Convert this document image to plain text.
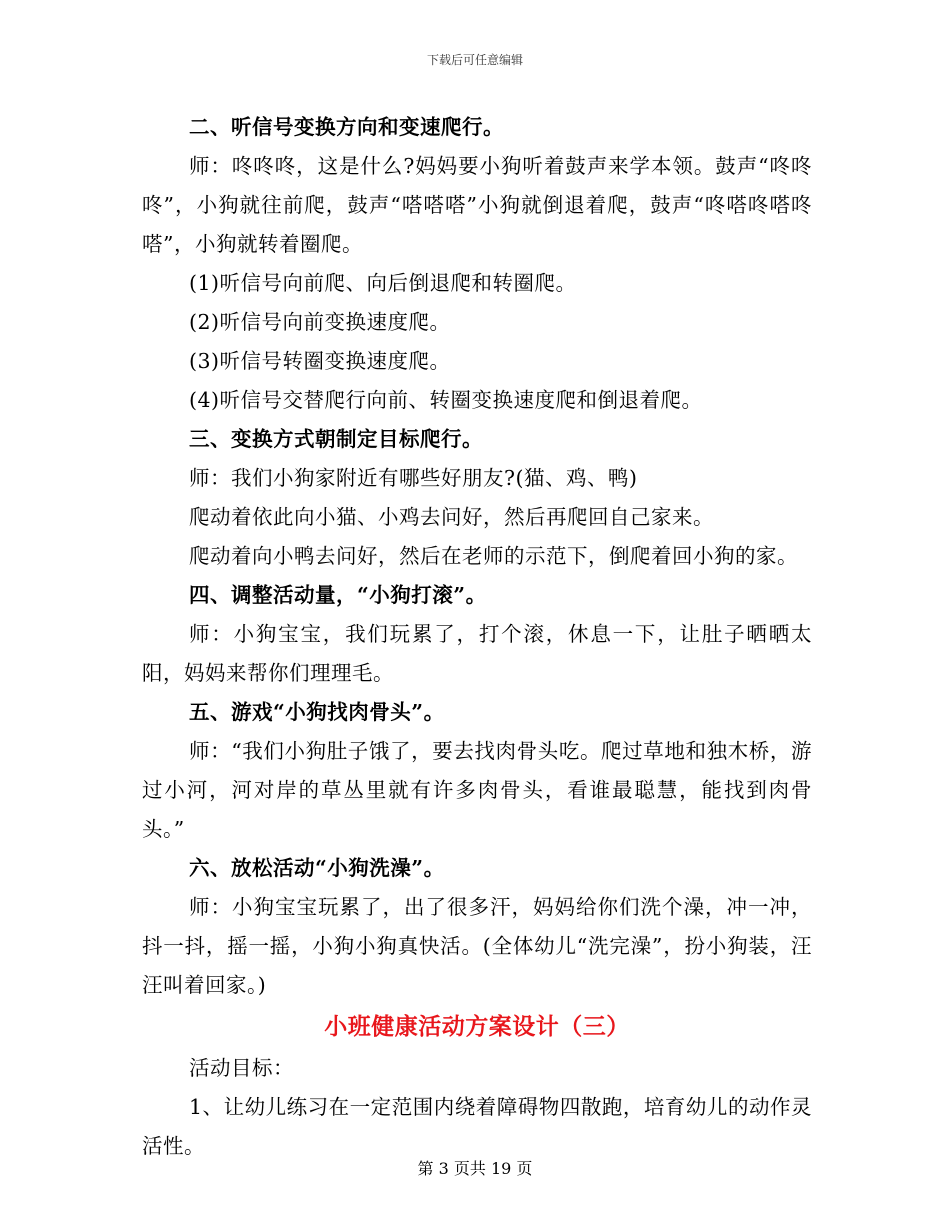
下载后可任意编辑

二、听信号变换方向和变速爬行。

师：咚咚咚，这是什么?妈妈要小狗听着鼓声来学本领。鼓声“咚咚咚”，小狗就往前爬，鼓声“嗒嗒嗒”小狗就倒退着爬，鼓声“咚嗒咚嗒咚嗒”，小狗就转着圈爬。

(1)听信号向前爬、向后倒退爬和转圈爬。

(2)听信号向前变换速度爬。

(3)听信号转圈变换速度爬。

(4)听信号交替爬行向前、转圈变换速度爬和倒退着爬。

三、变换方式朝制定目标爬行。

师：我们小狗家附近有哪些好朋友?(猫、鸡、鸭)

爬动着依此向小猫、小鸡去问好，然后再爬回自己家来。

爬动着向小鸭去问好，然后在老师的示范下，倒爬着回小狗的家。

四、调整活动量，“小狗打滚”。

师：小狗宝宝，我们玩累了，打个滚，休息一下，让肚子晒晒太阳，妈妈来帮你们理理毛。

五、游戏“小狗找肉骨头”。

师：“我们小狗肚子饿了，要去找肉骨头吃。爬过草地和独木桥，游过小河，河对岸的草丛里就有许多肉骨头，看谁最聪慧，能找到肉骨头。”

六、放松活动“小狗洗澡”。

师：小狗宝宝玩累了，出了很多汗，妈妈给你们洗个澡，冲一冲，抖一抖，摇一摇，小狗小狗真快活。(全体幼儿“洗完澡”，扮小狗装，汪汪叫着回家。)

小班健康活动方案设计（三）

活动目标：

1、让幼儿练习在一定范围内绕着障碍物四散跑，培育幼儿的动作灵活性。

第 3 页共 19 页
